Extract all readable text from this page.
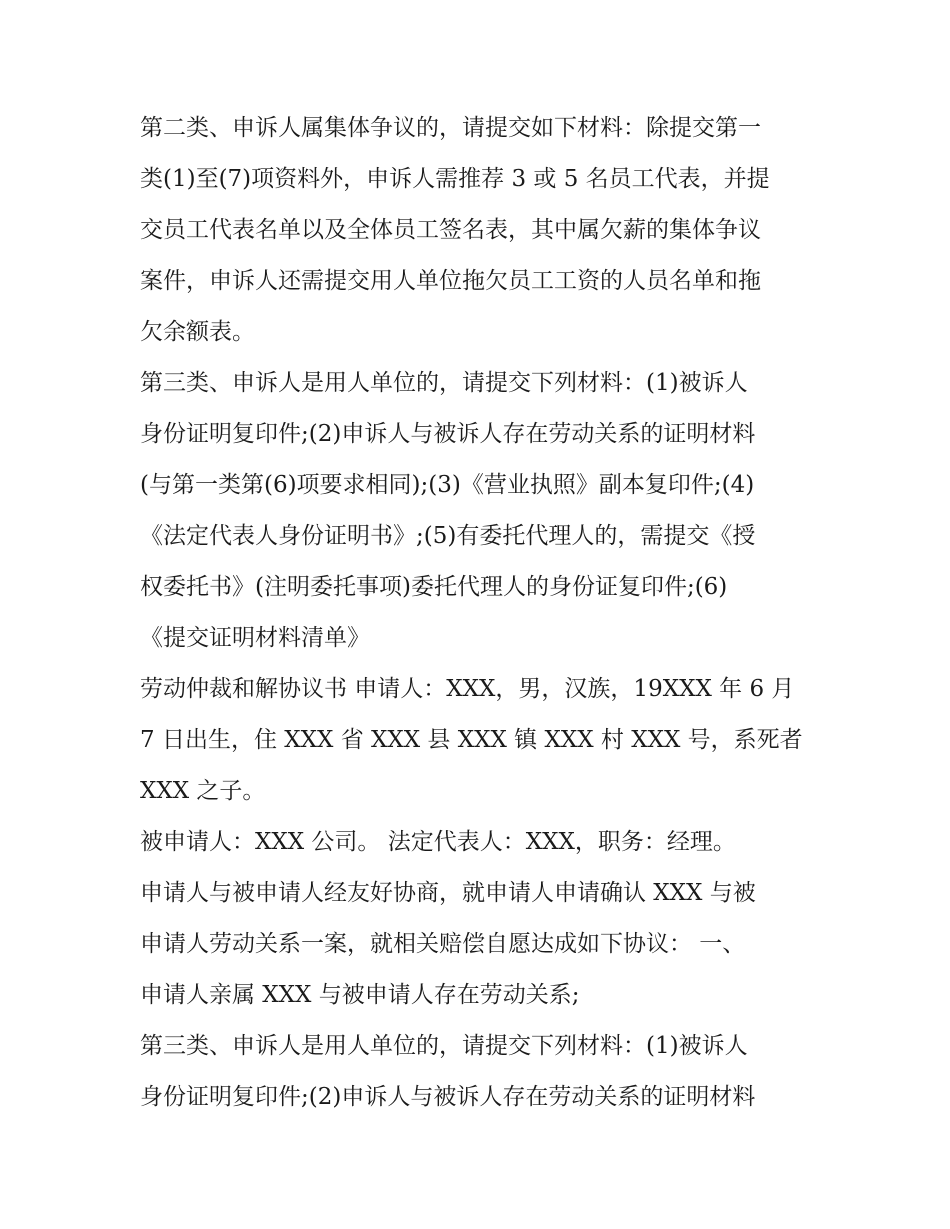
第二类、申诉人属集体争议的，请提交如下材料：除提交第一
类(1)至(7)项资料外，申诉人需推荐 3 或 5 名员工代表，并提
交员工代表名单以及全体员工签名表，其中属欠薪的集体争议
案件，申诉人还需提交用人单位拖欠员工工资的人员名单和拖
欠余额表。
第三类、申诉人是用人单位的，请提交下列材料：(1)被诉人
身份证明复印件;(2)申诉人与被诉人存在劳动关系的证明材料
(与第一类第(6)项要求相同);(3)《营业执照》副本复印件;(4)
《法定代表人身份证明书》;(5)有委托代理人的，需提交《授
权委托书》(注明委托事项)委托代理人的身份证复印件;(6)
《提交证明材料清单》
劳动仲裁和解协议书 申请人：XXX，男，汉族，19XXX 年 6 月
7 日出生，住 XXX 省 XXX 县 XXX 镇 XXX 村 XXX 号，系死者
XXX 之子。
被申请人：XXX 公司。 法定代表人：XXX，职务：经理。
申请人与被申请人经友好协商，就申请人申请确认 XXX 与被
申请人劳动关系一案，就相关赔偿自愿达成如下协议： 一、
申请人亲属 XXX 与被申请人存在劳动关系;
第三类、申诉人是用人单位的，请提交下列材料：(1)被诉人
身份证明复印件;(2)申诉人与被诉人存在劳动关系的证明材料
